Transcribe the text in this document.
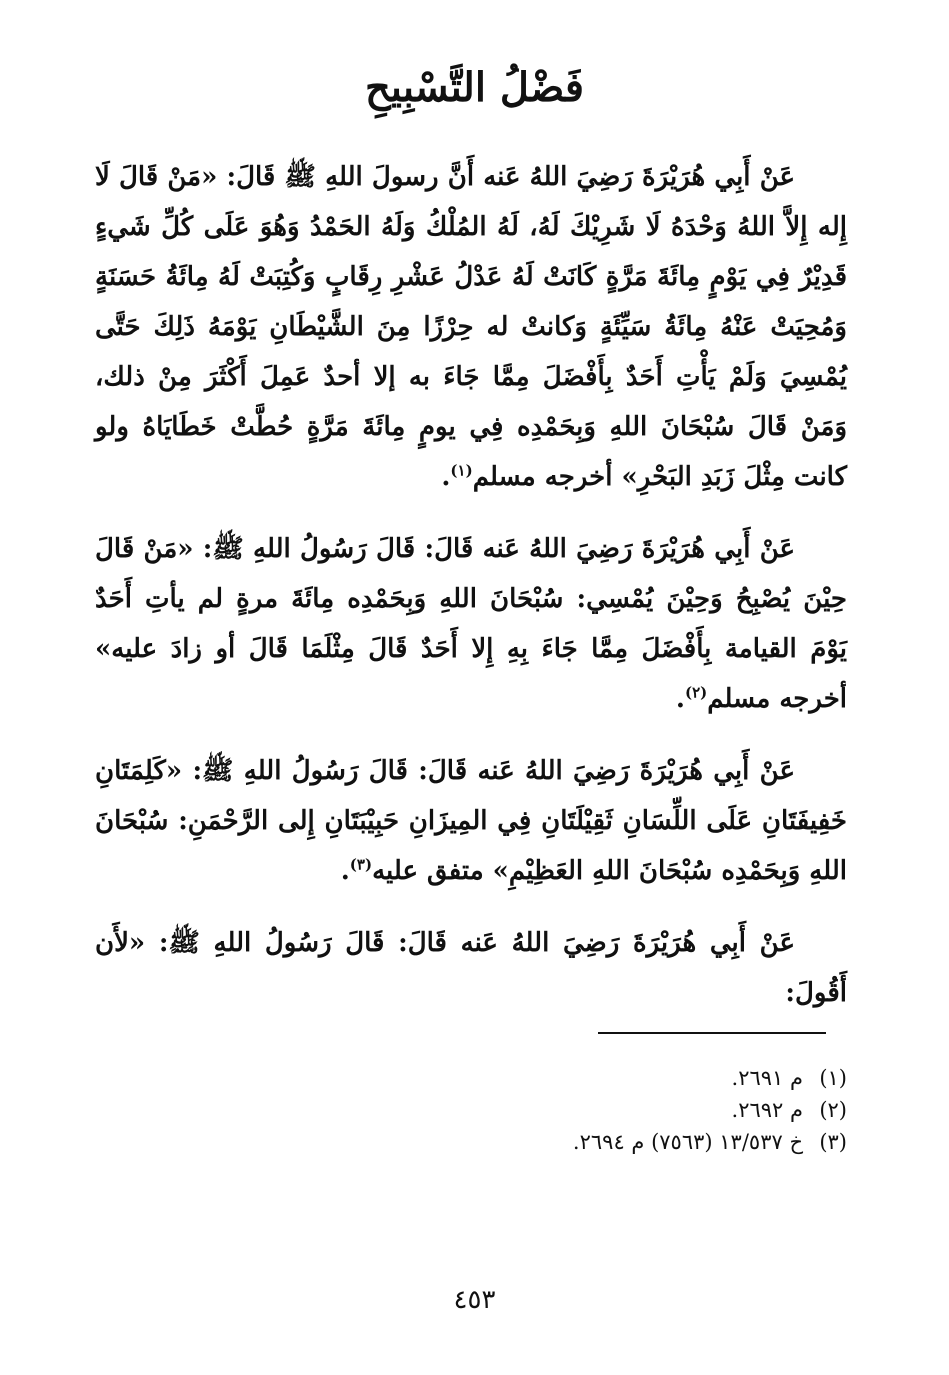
فَضْلُ التَّسْبِيحِ

عَنْ أَبِي هُرَيْرَةَ رَضِيَ اللهُ عَنه أَنَّ رسولَ اللهِ ﷺ قَالَ: «مَنْ قَالَ لَا إِله إِلاَّ اللهُ وَحْدَهُ لَا شَرِيْكَ لَهُ، لَهُ المُلْكُ وَلَهُ الحَمْدُ وَهُوَ عَلَى كُلِّ شَيءٍ قَدِيْرٌ فِي يَوْمٍ مِائَةَ مَرَّةٍ كَانَتْ لَهُ عَدْلُ عَشْرِ رِقَابٍ وَكُتِبَتْ لَهُ مِائَةُ حَسَنَةٍ وَمُحِيَتْ عَنْهُ مِائَةُ سَيِّئَةٍ وَكانتْ له حِرْزًا مِنَ الشَّيْطَانِ يَوْمَهُ ذَلِكَ حَتَّى يُمْسِيَ وَلَمْ يَأْتِ أَحَدٌ بِأَفْضَلَ مِمَّا جَاءَ به إلا أحدٌ عَمِلَ أَكْثَرَ مِنْ ذلك، وَمَنْ قَالَ سُبْحَانَ اللهِ وَبِحَمْدِه فِي يومٍ مِائَةَ مَرَّةٍ حُطَّتْ خَطَايَاهُ ولو كانت مِثْلَ زَبَدِ البَحْرِ» أخرجه مسلم$^{(١)}$.

عَنْ أَبِي هُرَيْرَةَ رَضِيَ اللهُ عَنه قَالَ: قَالَ رَسُولُ اللهِ ﷺ: «مَنْ قَالَ حِيْنَ يُصْبِحُ وَحِيْنَ يُمْسِي: سُبْحَانَ اللهِ وَبِحَمْدِه مِائَةَ مرةٍ لم يأتِ أَحَدٌ يَوْمَ القيامة بِأَفْضَلَ مِمَّا جَاءَ بِهِ إِلا أَحَدٌ قَالَ مِثْلَمَا قَالَ أو زادَ عليه» أخرجه مسلم$^{(٢)}$.

عَنْ أَبِي هُرَيْرَةَ رَضِيَ اللهُ عَنه قَالَ: قَالَ رَسُولُ اللهِ ﷺ: «كَلِمَتَانِ خَفِيفَتَانِ عَلَى اللِّسَانِ ثَقِيْلَتَانِ فِي المِيزَانِ حَبِيْبَتَانِ إِلى الرَّحْمَنِ: سُبْحَانَ اللهِ وَبِحَمْدِه سُبْحَانَ اللهِ العَظِيْمِ» متفق عليه$^{(٣)}$.

عَنْ أَبِي هُرَيْرَةَ رَضِيَ اللهُ عَنه قَالَ: قَالَ رَسُولُ اللهِ ﷺ: «لأَن أَقُولَ:

(١)م ٢٦٩١.
(٢)م ٢٦٩٢.
(٣)خ ١٣/٥٣٧ (٧٥٦٣) م ٢٦٩٤.
٤٥٣
